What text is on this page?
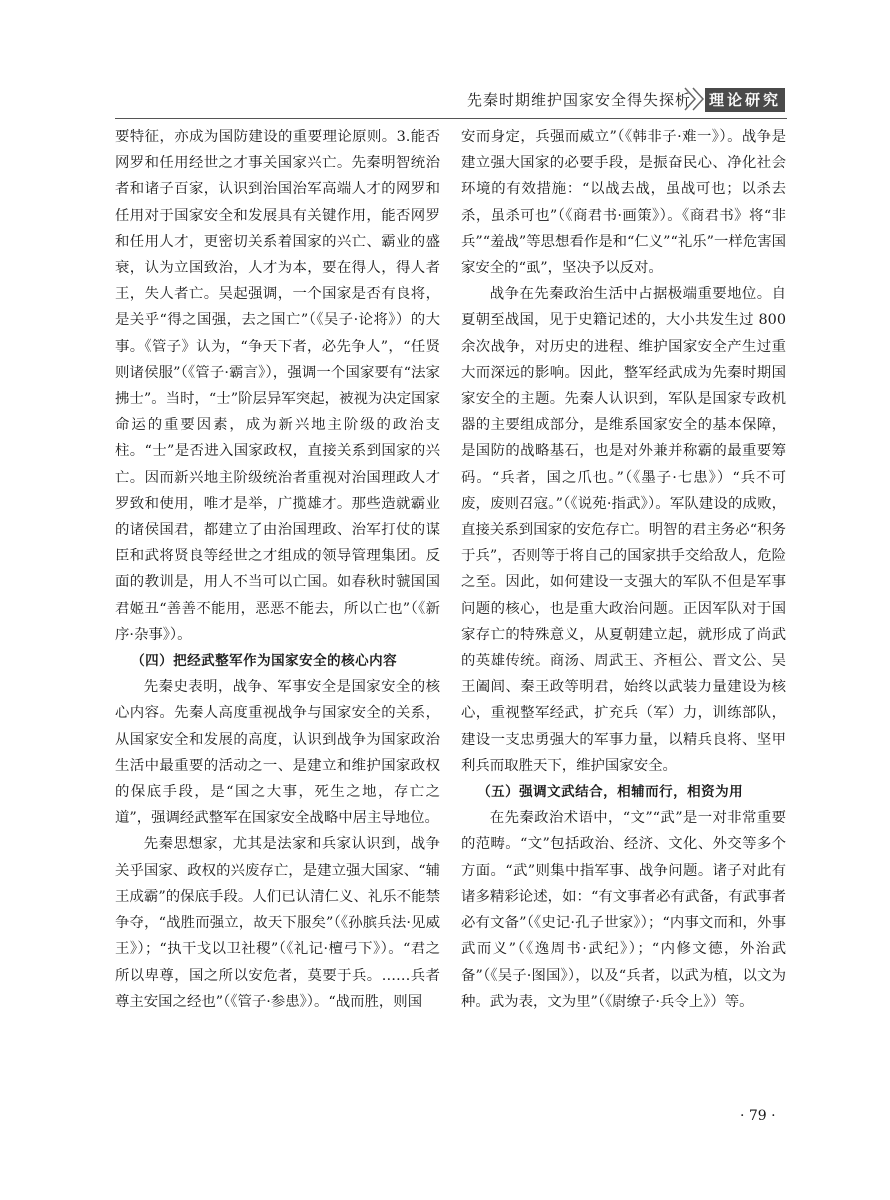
先秦时期维护国家安全得失探析 理论研究

要特征，亦成为国防建设的重要理论原则。3.能否网罗和任用经世之才事关国家兴亡。先秦明智统治者和诸子百家，认识到治国治军高端人才的网罗和任用对于国家安全和发展具有关键作用，能否网罗和任用人才，更密切关系着国家的兴亡、霸业的盛衰，认为立国致治，人才为本，要在得人，得人者王，失人者亡。吴起强调，一个国家是否有良将，是关乎“得之国强，去之国亡”（《吴子·论将》）的大事。《管子》认为，“争天下者，必先争人”，“任贤则诸侯服”（《管子·霸言》），强调一个国家要有“法家拂士”。当时，“士”阶层异军突起，被视为决定国家命运的重要因素，成为新兴地主阶级的政治支柱。“士”是否进入国家政权，直接关系到国家的兴亡。因而新兴地主阶级统治者重视对治国理政人才罗致和使用，唯才是举，广揽雄才。那些造就霸业的诸侯国君，都建立了由治国理政、治军打仗的谋臣和武将贤良等经世之才组成的领导管理集团。反面的教训是，用人不当可以亡国。如春秋时虢国国君姬丑“善善不能用，恶恶不能去，所以亡也”（《新序·杂事》）。

（四）把经武整军作为国家安全的核心内容

先秦史表明，战争、军事安全是国家安全的核心内容。先秦人高度重视战争与国家安全的关系，从国家安全和发展的高度，认识到战争为国家政治生活中最重要的活动之一、是建立和维护国家政权的保底手段，是“国之大事，死生之地，存亡之道”，强调经武整军在国家安全战略中居主导地位。

先秦思想家，尤其是法家和兵家认识到，战争关乎国家、政权的兴废存亡，是建立强大国家、“辅王成霸”的保底手段。人们已认清仁义、礼乐不能禁争夺，“战胜而强立，故天下服矣”（《孙膑兵法·见威王》）；“执干戈以卫社稷”（《礼记·檀弓下》）。“君之所以卑尊，国之所以安危者，莫要于兵。……兵者尊主安国之经也”（《管子·参患》）。“战而胜，则国

安而身定，兵强而威立”（《韩非子·难一》）。战争是建立强大国家的必要手段，是振奋民心、净化社会环境的有效措施：“以战去战，虽战可也；以杀去杀，虽杀可也”（《商君书·画策》）。《商君书》将“非兵”“羞战”等思想看作是和“仁义”“礼乐”一样危害国家安全的“虱”，坚决予以反对。

战争在先秦政治生活中占据极端重要地位。自夏朝至战国，见于史籍记述的，大小共发生过 800 余次战争，对历史的进程、维护国家安全产生过重大而深远的影响。因此，整军经武成为先秦时期国家安全的主题。先秦人认识到，军队是国家专政机器的主要组成部分，是维系国家安全的基本保障，是国防的战略基石，也是对外兼并称霸的最重要筹码。“兵者，国之爪也。”（《墨子·七患》）“兵不可废，废则召寇。”（《说苑·指武》）。军队建设的成败，直接关系到国家的安危存亡。明智的君主务必“积务于兵”，否则等于将自己的国家拱手交给敌人，危险之至。因此，如何建设一支强大的军队不但是军事问题的核心，也是重大政治问题。正因军队对于国家存亡的特殊意义，从夏朝建立起，就形成了尚武的英雄传统。商汤、周武王、齐桓公、晋文公、吴王阖闾、秦王政等明君，始终以武装力量建设为核心，重视整军经武，扩充兵（军）力，训练部队，建设一支忠勇强大的军事力量，以精兵良将、坚甲利兵而取胜天下，维护国家安全。

（五）强调文武结合，相辅而行，相资为用

在先秦政治术语中，“文”“武”是一对非常重要的范畴。“文”包括政治、经济、文化、外交等多个方面。“武”则集中指军事、战争问题。诸子对此有诸多精彩论述，如：“有文事者必有武备，有武事者必有文备”（《史记·孔子世家》）；“内事文而和，外事武而义”（《逸周书·武纪》）；“内修文德，外治武备”（《吴子·图国》），以及“兵者，以武为植，以文为种。武为表，文为里”（《尉缭子·兵令上》）等。

· 79 ·
